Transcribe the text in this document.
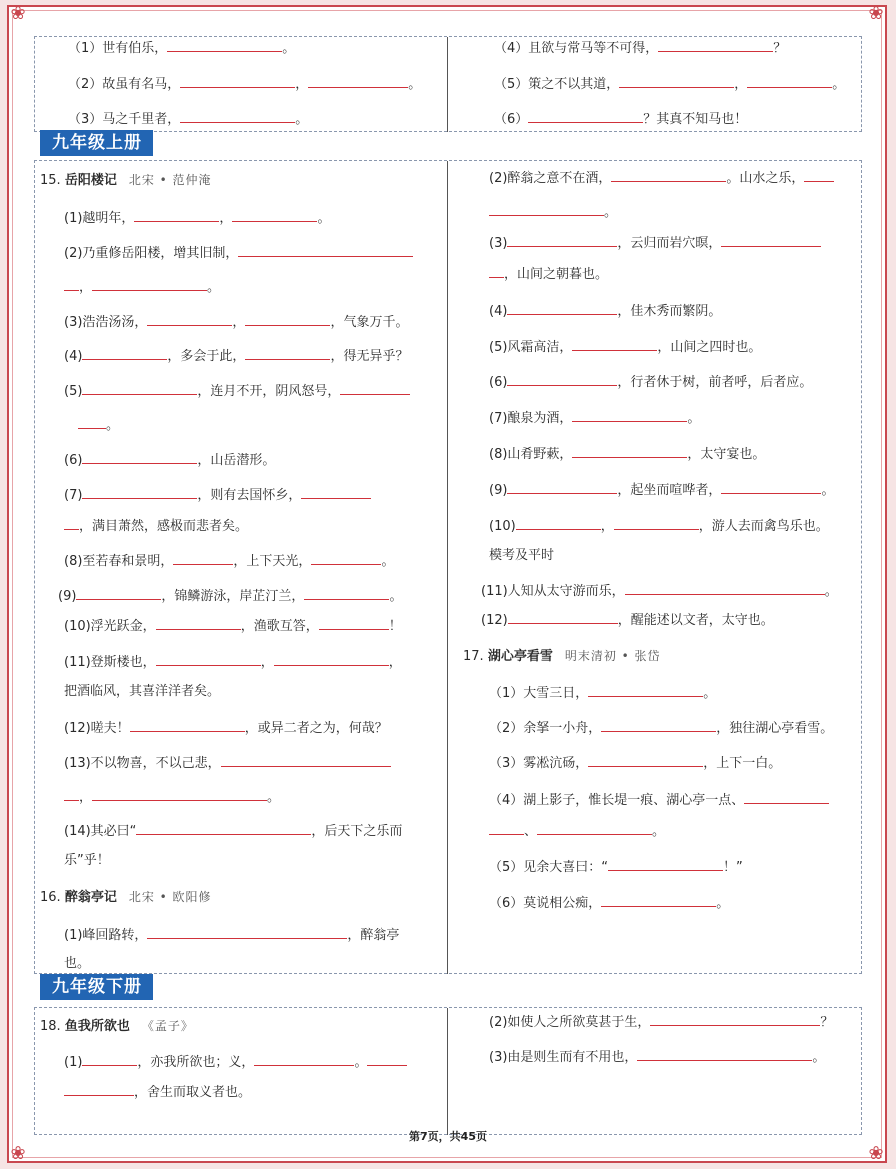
❀	❀
❀	❀
（1）世有伯乐，	。
（2）故虽有名马，	，	。
（3）马之千里者，	。
（4）且欲与常马等不可得，	？
（5）策之不以其道，	，	。
（6）	？其真不知马也！
九年级上册
15. 岳阳楼记 北宋 • 范仲淹
(1)越明年，	，	。
(2)乃重修岳阳楼，增其旧制，
，	。
(3)浩浩汤汤，	，	，气象万千。
(4)	，多会于此，	，得无异乎？
(5)	，连月不开，阴风怒号，
。
(6)	，山岳潜形。
(7)	，则有去国怀乡，
，满目萧然，感极而悲者矣。
(8)至若春和景明，	，上下天光，	。
(9)	，锦鳞游泳，岸芷汀兰，	。
(10)浮光跃金，	，渔歌互答，	！
(11)登斯楼也，	，	，
把酒临风，其喜洋洋者矣。
(12)嗟夫！	，或异二者之为，何哉？
(13)不以物喜，不以己悲，
，	。
(14)其必曰“	，后天下之乐而
乐”乎！
16. 醉翁亭记 北宋 • 欧阳修
(1)峰回路转，	，醉翁亭
也。
(2)醉翁之意不在酒，	。山水之乐，
。
(3)	，云归而岩穴暝，
，山间之朝暮也。
(4)	，佳木秀而繁阴。
(5)风霜高洁，	，山间之四时也。
(6)	，行者休于树，前者呼，后者应。
(7)酿泉为酒，	。
(8)山肴野蔌，	，太守宴也。
(9)	，起坐而喧哗者，	。
(10)	，	，游人去而禽鸟乐也。
模考及平时
(11)人知从太守游而乐，	。
(12)	，醒能述以文者，太守也。
17. 湖心亭看雪 明末清初 • 张岱
（1）大雪三日，	。
（2）余拏一小舟，	，独往湖心亭看雪。
（3）雾凇沆砀，	，上下一白。
（4）湖上影子，惟长堤一痕、湖心亭一点、
、	。
（5）见余大喜曰：“	！”
（6）莫说相公痴，	。
九年级下册
18. 鱼我所欲也 《孟子》
(1)	，亦我所欲也；义，	。
，舍生而取义者也。
(2)如使人之所欲莫甚于生，	？
(3)由是则生而有不用也，	。
第7页，共45页
